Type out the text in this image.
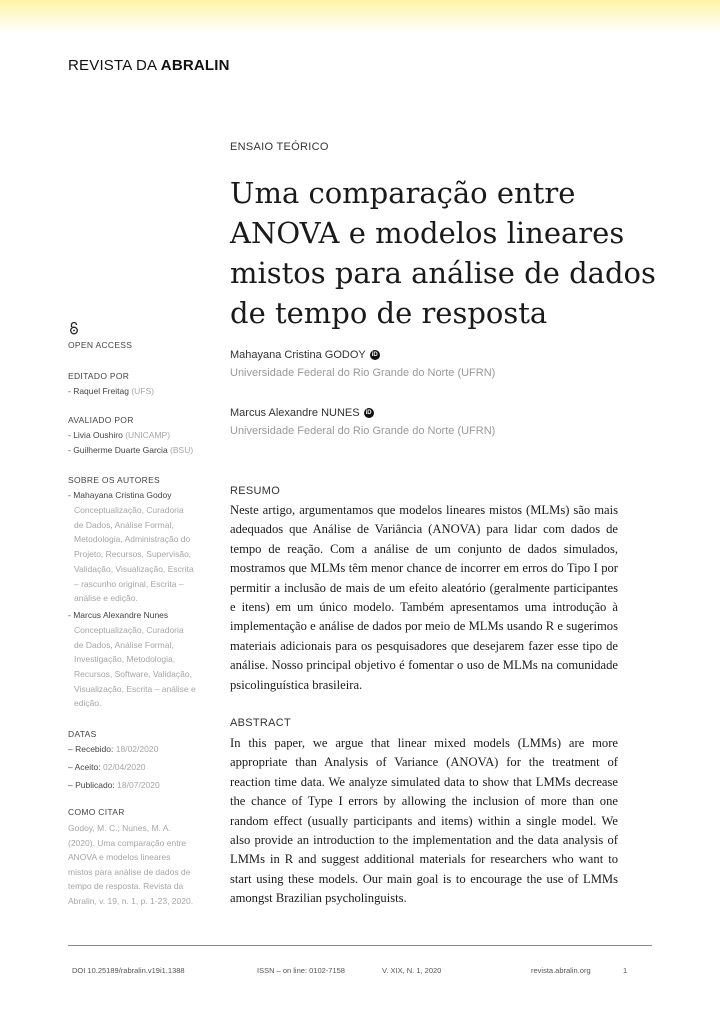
REVISTA DA ABRALIN
ENSAIO TEÓRICO
Uma comparação entre ANOVA e modelos lineares mistos para análise de dados de tempo de resposta
Mahayana Cristina GODOY	iD
Universidade Federal do Rio Grande do Norte (UFRN)
Marcus Alexandre NUNES	iD
Universidade Federal do Rio Grande do Norte (UFRN)
OPEN ACCESS
EDITADO POR
- Raquel Freitag (UFS)
AVALIADO POR
- Livia Oushiro (UNICAMP)
- Guilherme Duarte Garcia (BSU)
SOBRE OS AUTORES
- Mahayana Cristina Godoy
Conceptualização, Curadoria
de Dados, Análise Formal,
Metodologia, Administração do
Projeto, Recursos, Supervisão,
Validação, Visualização, Escrita
– rascunho original, Escrita –
análise e edição.
- Marcus Alexandre Nunes
Conceptualização, Curadoria
de Dados, Análise Formal,
Investigação, Metodologia,
Recursos, Software, Validação,
Visualização, Escrita – análise e
edição.
DATAS
– Recebido: 18/02/2020
– Aceito: 02/04/2020
– Publicado: 18/07/2020
COMO CITAR
Godoy, M. C.; Nunes, M. A.
(2020). Uma comparação entre
ANOVA e modelos lineares
mistos para análise de dados de
tempo de resposta. Revista da
Abralin, v. 19, n. 1, p. 1-23, 2020.
RESUMO

Neste artigo, argumentamos que modelos lineares mistos (MLMs) são mais adequados que Análise de Variância (ANOVA) para lidar com dados de tempo de reação. Com a análise de um conjunto de dados simulados, mostramos que MLMs têm menor chance de incorrer em erros do Tipo I por permitir a inclusão de mais de um efeito aleatório (geralmente participantes e itens) em um único modelo. Também apresentamos uma introdução à implementação e análise de dados por meio de MLMs usando R e sugerimos materiais adicionais para os pesquisadores que desejarem fazer esse tipo de análise. Nosso principal objetivo é fomentar o uso de MLMs na comunidade psicolinguística brasileira.

ABSTRACT

In this paper, we argue that linear mixed models (LMMs) are more appropriate than Analysis of Variance (ANOVA) for the treatment of reaction time data. We analyze simulated data to show that LMMs decrease the chance of Type I errors by allowing the inclusion of more than one random effect (usually participants and items) within a single model. We also provide an introduction to the implementation and the data analysis of LMMs in R and suggest additional materials for researchers who want to start using these models. Our main goal is to encourage the use of LMMs amongst Brazilian psycholinguists.

DOI 10.25189/rabralin.v19i1.1388	ISSN – on line: 0102-7158	V. XIX, N. 1, 2020	revista.abralin.org	1
